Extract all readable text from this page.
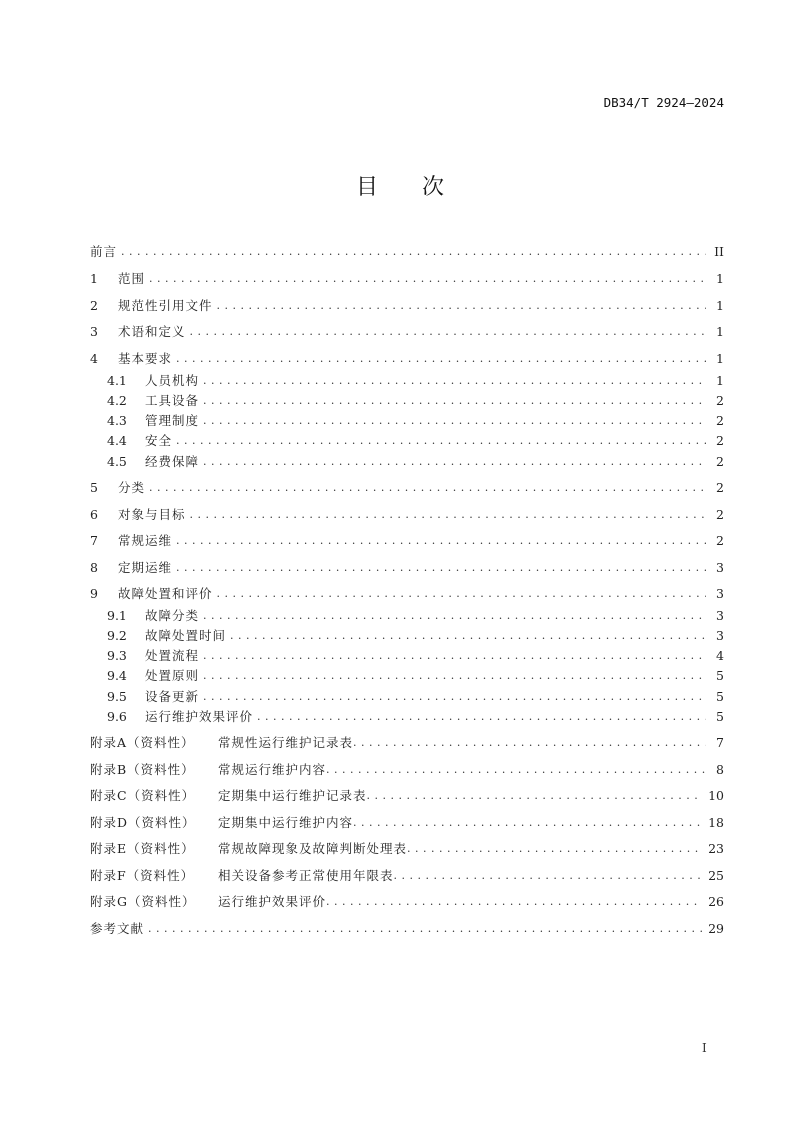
DB34/T 2924—2024
目 次
前言 . . .	II
1	范围 . . .	1
2	规范性引用文件 . . .	1
3	术语和定义 . . .	1
4	基本要求 . . .	1
4.1	人员机构 . . .	1
4.2	工具设备 . . .	2
4.3	管理制度 . . .	2
4.4	安全 . . .	2
4.5	经费保障 . . .	2
5	分类 . . .	2
6	对象与目标 . . .	2
7	常规运维 . . .	2
8	定期运维 . . .	3
9	故障处置和评价 . . .	3
9.1	故障分类 . . .	3
9.2	故障处置时间 . . .	3
9.3	处置流程 . . .	4
9.4	处置原则 . . .	5
9.5	设备更新 . . .	5
9.6	运行维护效果评价 . . .	5
附录A（资料性）	常规性运行维护记录表 . . .	7
附录B（资料性）	常规运行维护内容 . . .	8
附录C（资料性）	定期集中运行维护记录表 . . .	10
附录D（资料性）	定期集中运行维护内容 . . .	18
附录E（资料性）	常规故障现象及故障判断处理表 . . .	23
附录F（资料性）	相关设备参考正常使用年限表 . . .	25
附录G（资料性）	运行维护效果评价 . . .	26
参考文献 . . .	29
I
